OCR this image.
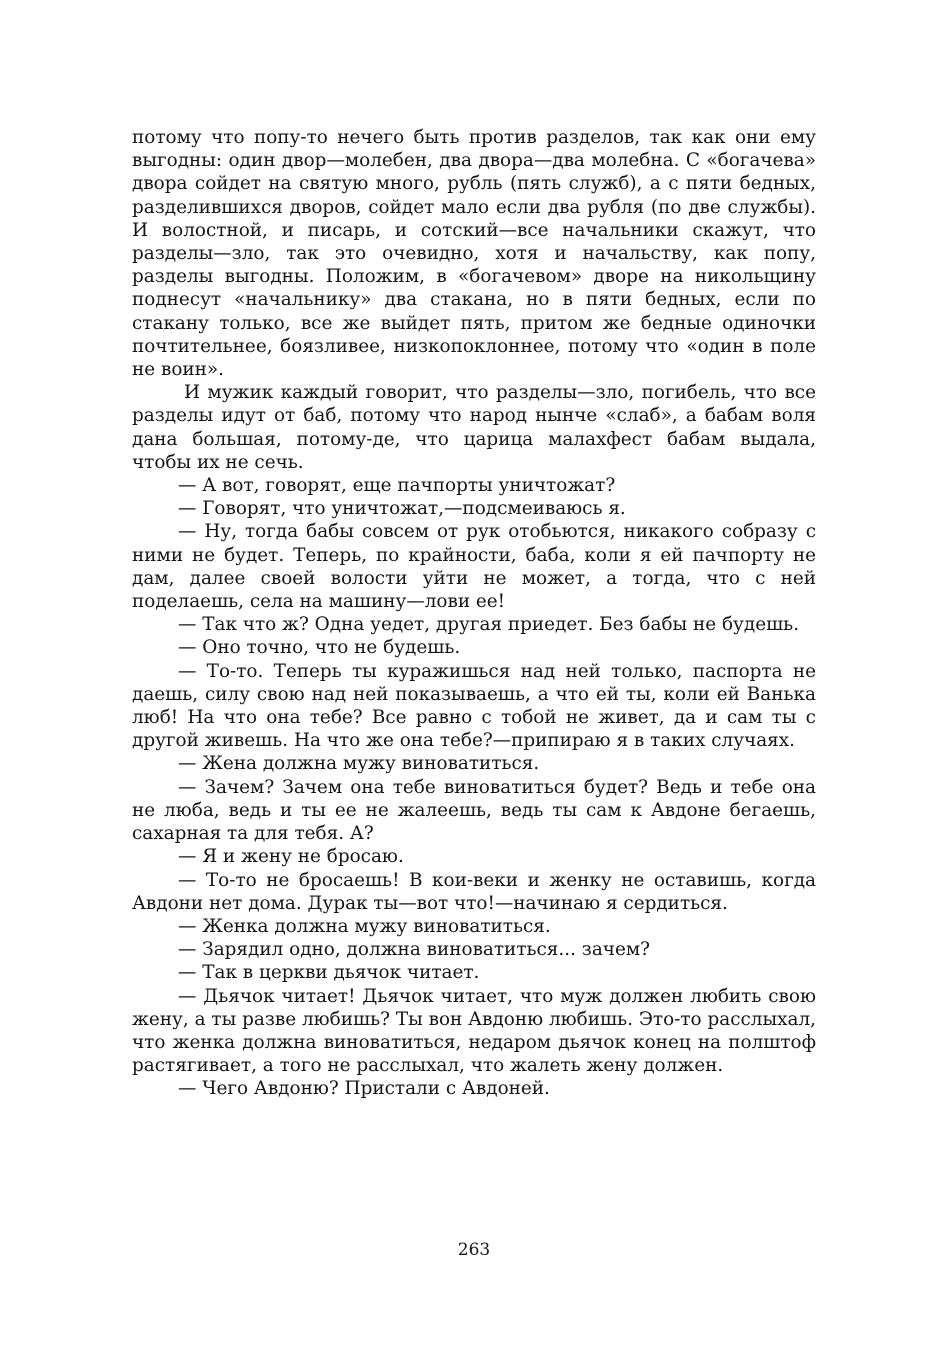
потому что попу-то нечего быть против разделов, так как они ему выгодны: один двор—молебен, два двора—два молебна. С «богачева» двора сойдет на святую много, рубль (пять служб), а с пяти бедных, разделившихся дворов, сойдет мало если два рубля (по две службы). И волостной, и писарь, и сотский—все начальники скажут, что разделы—зло, так это очевидно, хотя и начальству, как попу, разделы выгодны. Положим, в «богачевом» дворе на никольщину поднесут «начальнику» два стакана, но в пяти бедных, если по стакану только, все же выйдет пять, притом же бедные одиночки почтительнее, боязливее, низкопоклоннее, потому что «один в поле не воин».

И мужик каждый говорит, что разделы—зло, погибель, что все разделы идут от баб, потому что народ нынче «слаб», а бабам воля дана большая, потому-де, что царица малахфест бабам выдала, чтобы их не сечь.

— А вот, говорят, еще пачпорты уничтожат?

— Говорят, что уничтожат,—подсмеиваюсь я.

— Ну, тогда бабы совсем от рук отобьются, никакого собразу с ними не будет. Теперь, по крайности, баба, коли я ей пачпорту не дам, далее своей волости уйти не может, а тогда, что с ней поделаешь, села на машину—лови ее!

— Так что ж? Одна уедет, другая приедет. Без бабы не будешь.

— Оно точно, что не будешь.

— То-то. Теперь ты куражишься над ней только, паспорта не даешь, силу свою над ней показываешь, а что ей ты, коли ей Ванька люб! На что она тебе? Все равно с тобой не живет, да и сам ты с другой живешь. На что же она тебе?—припираю я в таких случаях.

— Жена должна мужу виноватиться.

— Зачем? Зачем она тебе виноватиться будет? Ведь и тебе она не люба, ведь и ты ее не жалеешь, ведь ты сам к Авдоне бегаешь, сахарная та для тебя. А?

— Я и жену не бросаю.

— То-то не бросаешь! В кои-веки и женку не оставишь, когда Авдони нет дома. Дурак ты—вот что!—начинаю я сердиться.

— Женка должна мужу виноватиться.

— Зарядил одно, должна виноватиться... зачем?

— Так в церкви дьячок читает.

— Дьячок читает! Дьячок читает, что муж должен любить свою жену, а ты разве любишь? Ты вон Авдоню любишь. Это-то расслыхал, что женка должна виноватиться, недаром дьячок конец на полштоф растягивает, а того не расслыхал, что жалеть жену должен.

— Чего Авдоню? Пристали с Авдоней.

263
